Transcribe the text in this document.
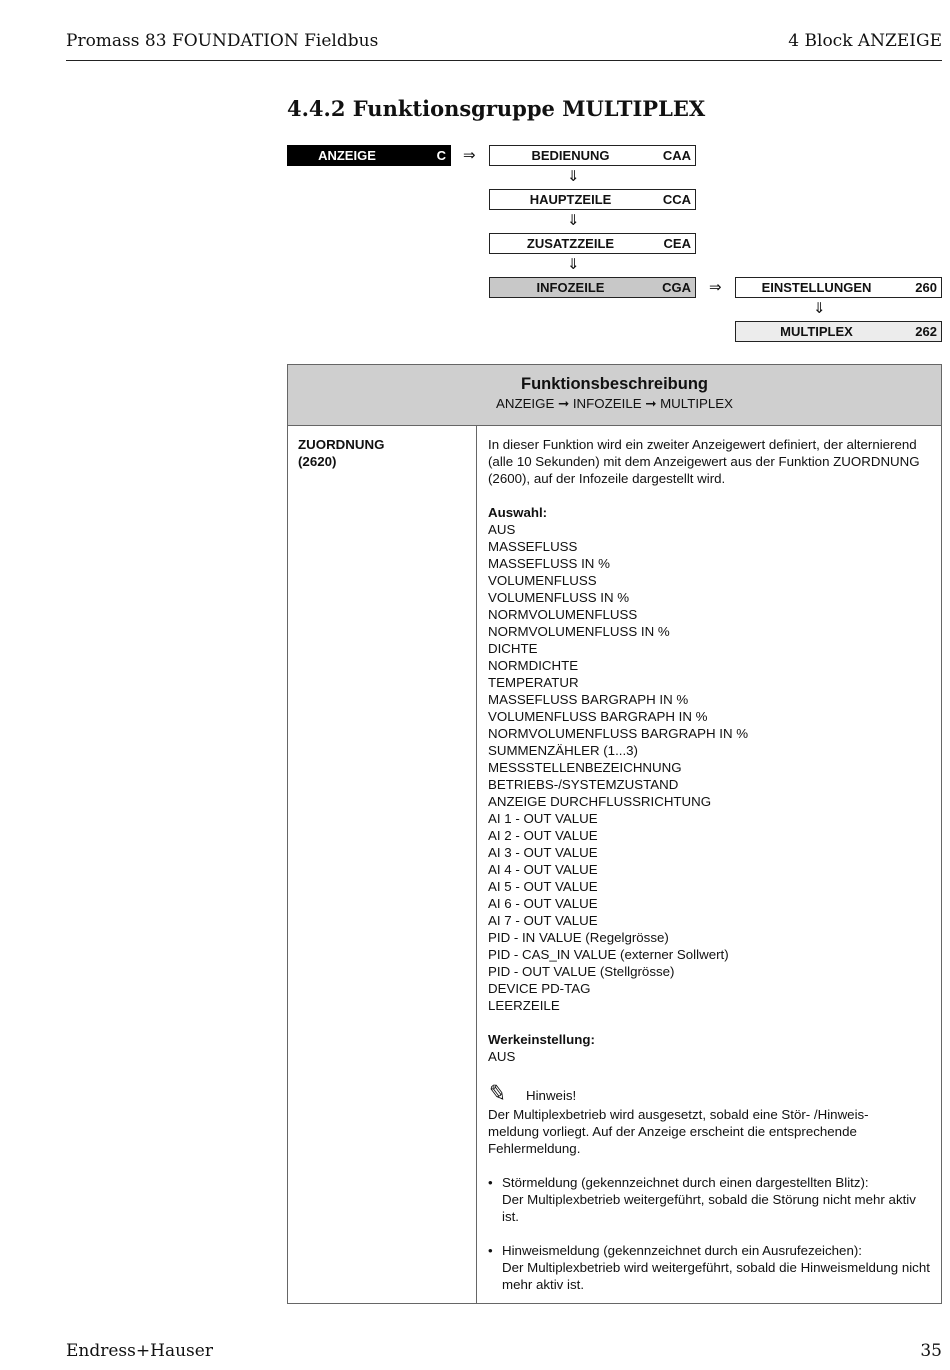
Promass 83 FOUNDATION Fieldbus	4 Block ANZEIGE
4.4.2 Funktionsgruppe MULTIPLEX
ANZEIGE	C ⇒	BEDIENUNG	CAA
⇓
HAUPTZEILE	CCA
⇓
ZUSATZZEILE	CEA
⇓
INFOZEILE	CGA ⇒	EINSTELLUNGEN	260
⇓
MULTIPLEX	262
Funktionsbeschreibung
ANZEIGE ➞ INFOZEILE ➞ MULTIPLEX

ZUORDNUNG
(2620)

In dieser Funktion wird ein zweiter Anzeigewert definiert, der alternierend (alle 10 Sekunden) mit dem Anzeigewert aus der Funktion ZUORDNUNG (2600), auf der Infozeile dargestellt wird.

Auswahl:

AUS
MASSEFLUSS
MASSEFLUSS IN %
VOLUMENFLUSS
VOLUMENFLUSS IN %
NORMVOLUMENFLUSS
NORMVOLUMENFLUSS IN %
DICHTE
NORMDICHTE
TEMPERATUR
MASSEFLUSS BARGRAPH IN %
VOLUMENFLUSS BARGRAPH IN %
NORMVOLUMENFLUSS BARGRAPH IN %
SUMMENZÄHLER (1...3)
MESSSTELLENBEZEICHNUNG
BETRIEBS-/SYSTEMZUSTAND
ANZEIGE DURCHFLUSSRICHTUNG
AI 1 - OUT VALUE
AI 2 - OUT VALUE
AI 3 - OUT VALUE
AI 4 - OUT VALUE
AI 5 - OUT VALUE
AI 6 - OUT VALUE
AI 7 - OUT VALUE
PID - IN VALUE (Regelgrösse)
PID - CAS_IN VALUE (externer Sollwert)
PID - OUT VALUE (Stellgrösse)
DEVICE PD-TAG
LEERZEILE

Werkeinstellung:

AUS

✎	Hinweis!

Der Multiplexbetrieb wird ausgesetzt, sobald eine Stör- /Hinweis-

meldung vorliegt. Auf der Anzeige erscheint die entsprechende

Fehlermeldung.

• Störmeldung (gekennzeichnet durch einen dargestellten Blitz):
Der Multiplexbetrieb weitergeführt, sobald die Störung nicht mehr aktiv ist.
• Hinweismeldung (gekennzeichnet durch ein Ausrufezeichen):
Der Multiplexbetrieb wird weitergeführt, sobald die Hinweismeldung nicht mehr aktiv ist.
Endress+Hauser	35
